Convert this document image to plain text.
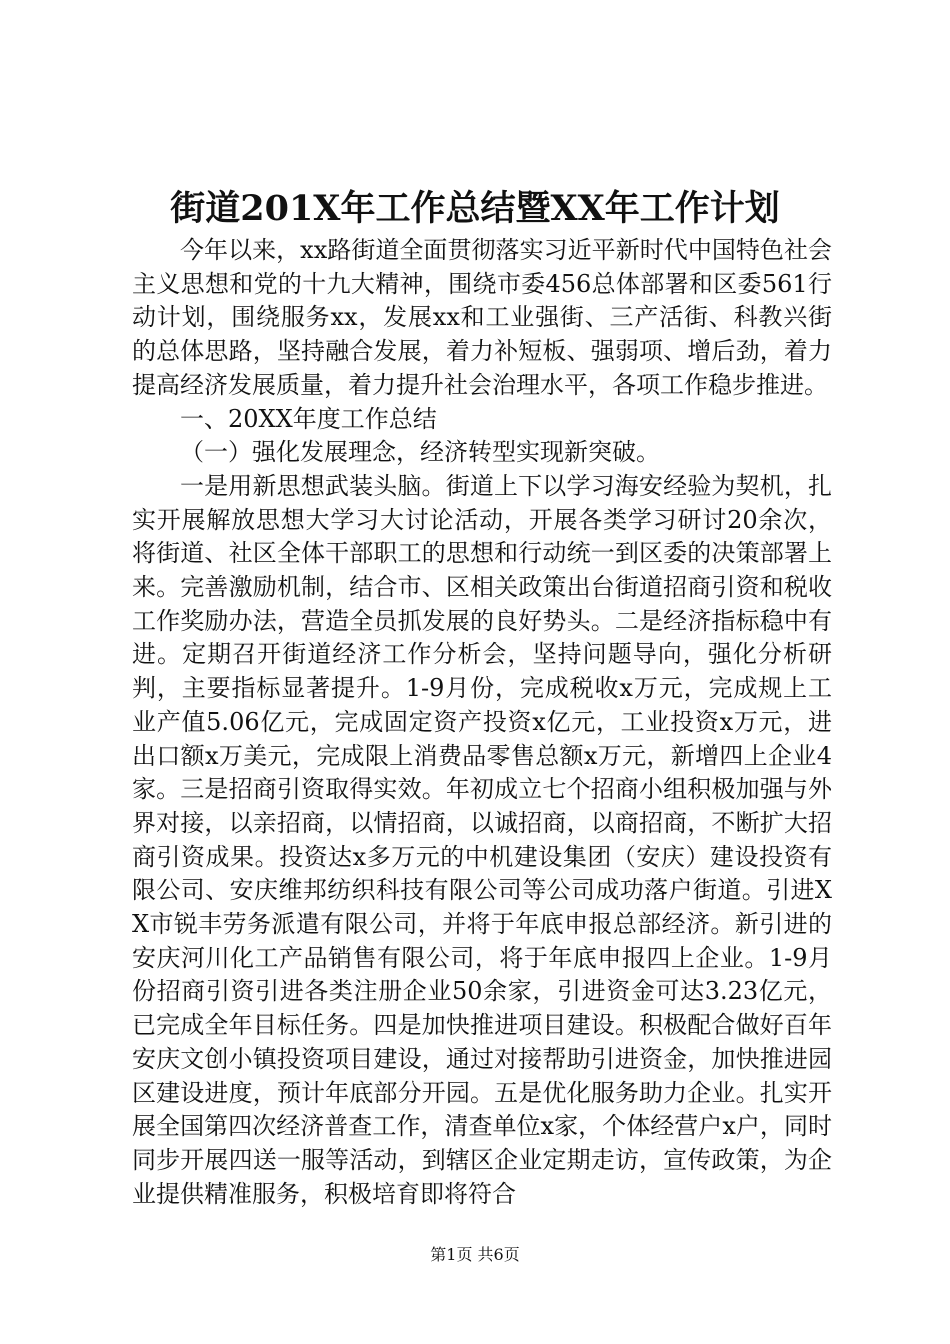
街道201X年工作总结暨XX年工作计划

今年以来，xx路街道全面贯彻落实习近平新时代中国特色社会主义思想和党的十九大精神，围绕市委456总体部署和区委561行动计划，围绕服务xx，发展xx和工业强街、三产活街、科教兴街的总体思路，坚持融合发展，着力补短板、强弱项、增后劲，着力提高经济发展质量，着力提升社会治理水平，各项工作稳步推进。

一、20XX年度工作总结

（一）强化发展理念，经济转型实现新突破。

一是用新思想武装头脑。街道上下以学习海安经验为契机，扎实开展解放思想大学习大讨论活动，开展各类学习研讨20余次，将街道、社区全体干部职工的思想和行动统一到区委的决策部署上来。完善激励机制，结合市、区相关政策出台街道招商引资和税收工作奖励办法，营造全员抓发展的良好势头。二是经济指标稳中有进。定期召开街道经济工作分析会，坚持问题导向，强化分析研判，主要指标显著提升。1-9月份，完成税收x万元，完成规上工业产值5.06亿元，完成固定资产投资x亿元，工业投资x万元，进出口额x万美元，完成限上消费品零售总额x万元，新增四上企业4家。三是招商引资取得实效。年初成立七个招商小组积极加强与外界对接，以亲招商，以情招商，以诚招商，以商招商，不断扩大招商引资成果。投资达x多万元的中机建设集团（安庆）建设投资有限公司、安庆维邦纺织科技有限公司等公司成功落户街道。引进XX市锐丰劳务派遣有限公司，并将于年底申报总部经济。新引进的安庆河川化工产品销售有限公司，将于年底申报四上企业。1-9月份招商引资引进各类注册企业50余家，引进资金可达3.23亿元，已完成全年目标任务。四是加快推进项目建设。积极配合做好百年安庆文创小镇投资项目建设，通过对接帮助引进资金，加快推进园区建设进度，预计年底部分开园。五是优化服务助力企业。扎实开展全国第四次经济普查工作，清查单位x家，个体经营户x户，同时同步开展四送一服等活动，到辖区企业定期走访，宣传政策，为企业提供精准服务，积极培育即将符合

第1页 共6页
